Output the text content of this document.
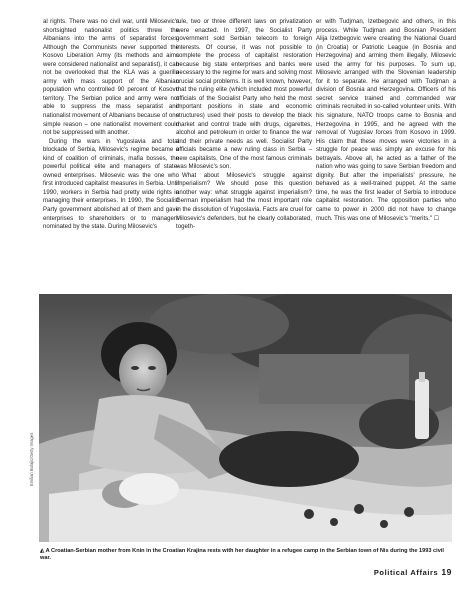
al rights. There was no civil war, until Milosevic's shortsighted nationalist politics threw the Albanians into the arms of separatist forces. Although the Communists never supported the Kosovo Liberation Army (its methods and aims were considered nationalist and separatist), it can not be overlooked that the KLA was a guerilla army with mass support of the Albanian population who controlled 90 percent of Kosovo territory. The Serbian police and army were not able to suppress the mass separatist and nationalist movement of Albanians because of one simple reason – one nationalist movement could not be suppressed with another.

During the wars in Yugoslavia and total blockade of Serbia, Milosevic's regime became a kind of coalition of criminals, mafia bosses, the powerful political elite and managers of state-owned enterprises. Milosevic was the one who first introduced capitalist measures in Serbia. Until 1990, workers in Serbia had pretty wide rights in managing their enterprises. In 1990, the Socialist Party government abolished all of them and gave enterprises to shareholders or to managers nominated by the state. During Milosevic's

rule, two or three different laws on privatization were enacted. In 1997, the Socialist Party government sold Serbian telecom to foreign interests. Of course, it was not possible to complete the process of capitalist restoration because big state enterprises and banks were necessary to the regime for wars and solving most crucial social problems. It is well known, however, that the ruling elite (which included most powerful officials of the Socialist Party who held the most important positions in state and economic structures) used their posts to develop the black market and control trade with drugs, cigarettes, alcohol and petroleum in order to finance the war and their private needs as well. Socialist Party officials became a new ruling class in Serbia – new capitalists. One of the most famous criminals was Milosevic's son.

What about Milosevic's struggle against imperialism? We should pose this question another way: what struggle against imperialism? German imperialism had the most important role in the dissolution of Yugoslavia. Facts are cruel for Milosevic's defenders, but he clearly collaborated, togeth-

er with Tudjman, Izetbegovic and others, in this process. While Tudjman and Bosnian President Alija Izetbegovic were creating the National Guard (in Croatia) or Patriotic League (in Bosnia and Herzegovina) and arming them illegally, Milosevic used the army for his purposes. To sum up, Milosevic arranged with the Slovenian leadership for it to separate. He arranged with Tudjman a division of Bosnia and Herzegovina. Officers of his secret service trained and commanded war criminals recruited in so-called volunteer units. With his signature, NATO troops came to Bosnia and Herzegovina in 1995, and he agreed with the removal of Yugoslav forces from Kosovo in 1999. His claim that these moves were victories in a struggle for peace was simply an excuse for his betrayals. Above all, he acted as a father of the nation who was going to save Serbian freedom and dignity. But after the imperialists' pressure, he behaved as a well-trained puppet. At the same time, he was the first leader of Serbia to introduce capitalist restoration. The opposition parties who came to power in 2000 did not have to change much. This was one of Milosevic's "merits." ☐

Emilian Bulajic/Getty Images
◭ A Croatian-Serbian mother from Knin in the Croatian Krajina rests with her daughter in a refugee camp in the Serbian town of Nis during the 1993 civil war.
Political Affairs 19
